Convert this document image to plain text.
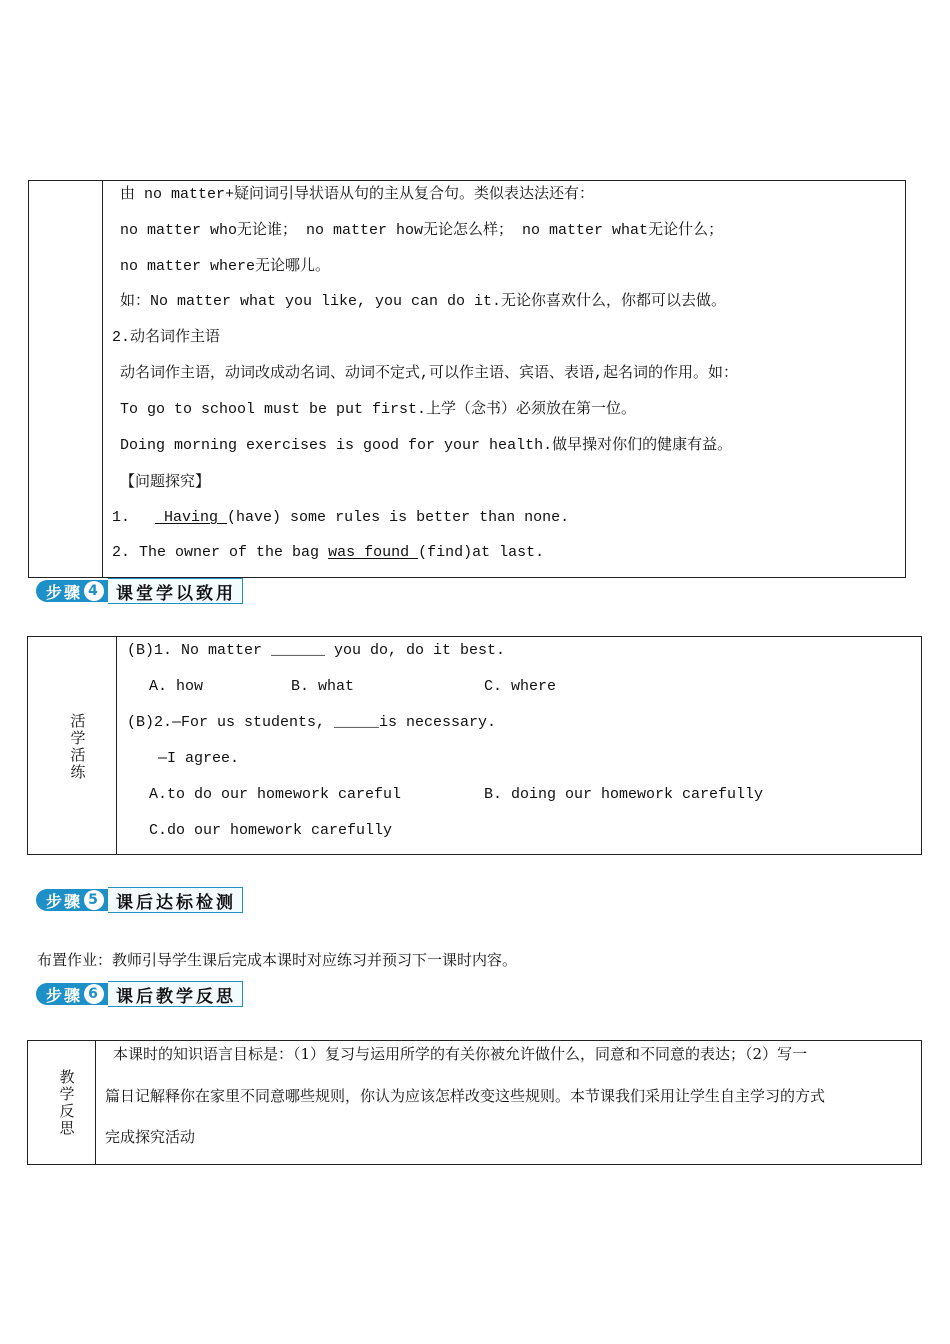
由 no matter+疑问词引导状语从句的主从复合句。类似表达法还有：
no matter who无论谁； no matter how无论怎么样； no matter what无论什么；
no matter where无论哪儿。
如：No matter what you like, you can do it.无论你喜欢什么，你都可以去做。
2.动名词作主语
动名词作主语，动词改成动名词、动词不定式,可以作主语、宾语、表语,起名词的作用。如：
To go to school must be put first.上学（念书）必须放在第一位。
Doing morning exercises is good for your health.做早操对你们的健康有益。
【问题探究】
1.  Having (have) some rules is better than none.
2. The owner of the bag was found (find)at last.
步骤 4 课堂学以致用
活
学
活
练
(B)1. No matter ______ you do, do it best.
A. how	B. what	C. where
(B)2.—For us students, _____is necessary.
—I agree.
A.to do our homework careful	B. doing our homework carefully
C.do our homework carefully
步骤 5 课后达标检测
布置作业：教师引导学生课后完成本课时对应练习并预习下一课时内容。
步骤 6 课后教学反思
教
学
反
思
本课时的知识语言目标是：（1）复习与运用所学的有关你被允许做什么，同意和不同意的表达；（2）写一
篇日记解释你在家里不同意哪些规则，你认为应该怎样改变这些规则。本节课我们采用让学生自主学习的方式
完成探究活动
